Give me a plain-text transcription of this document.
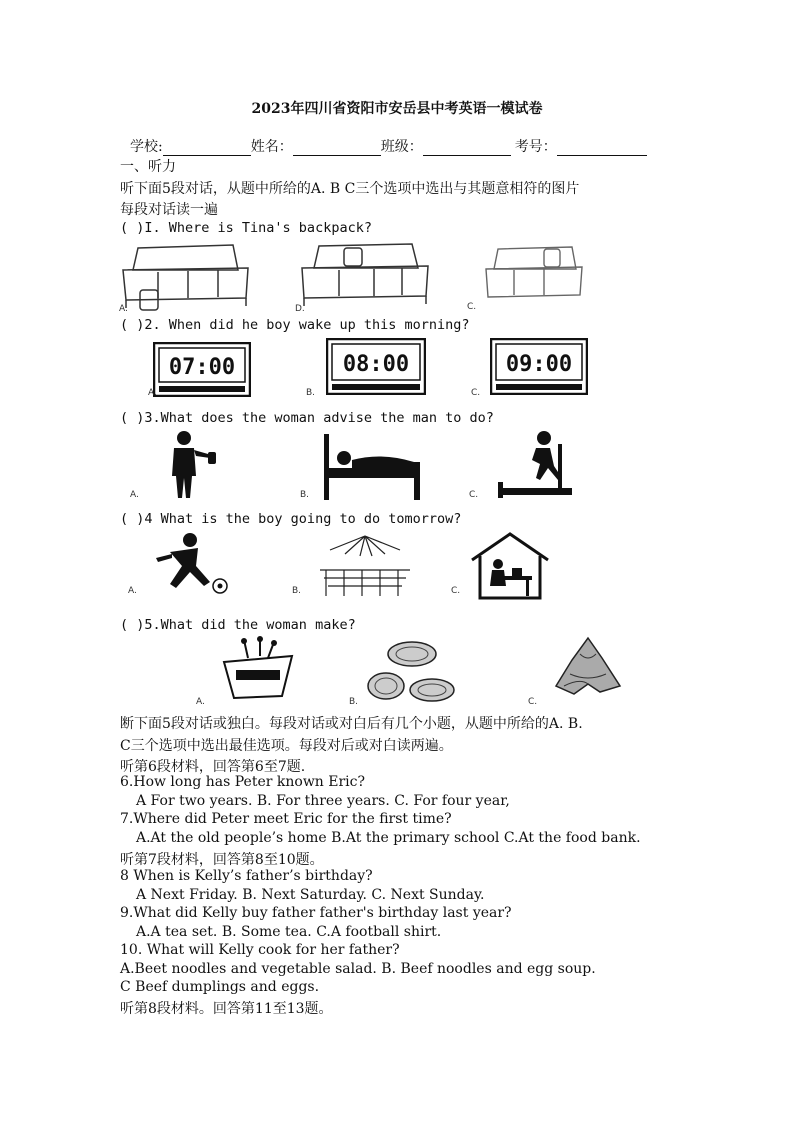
2023年四川省资阳市安岳县中考英语一模试卷
学校:	姓名：	班级：	考号：
一、听力
听下面5段对话，从题中所给的A. B C三个选项中选出与其题意相符的图片
每段对话读一遍
( )I. Where is Tina's backpack?
A.	D.	C.
( )2. When did he boy wake up this morning?
07:00
A.
08:00
B.
09:00
C.
( )3.What does the woman advise the man to do?
A.	B.	C.
( )4 What is the boy going to do tomorrow?
A.	B.	C.
( )5.What did the woman make?
A.	B.	C.
断下面5段对话或独白。每段对话或对白后有几个小题，从题中所给的A. B.
C三个选项中选出最佳选项。每段对后或对白读两遍。
听第6段材料，回答第6至7题.
6.How long has Peter known Eric?
A For two years. B. For three years. C. For four year,
7.Where did Peter meet Eric for the first time?
A.At the old people’s home B.At the primary school C.At the food bank.
听第7段材料，回答第8至10题。
8 When is Kelly’s father’s birthday?
A Next Friday. B. Next Saturday. C. Next Sunday.
9.What did Kelly buy father father's birthday last year?
A.A tea set. B. Some tea. C.A football shirt.
10. What will Kelly cook for her father?
A.Beet noodles and vegetable salad. B. Beef noodles and egg soup.
C Beef dumplings and eggs.
听第8段材料。回答第11至13题。
